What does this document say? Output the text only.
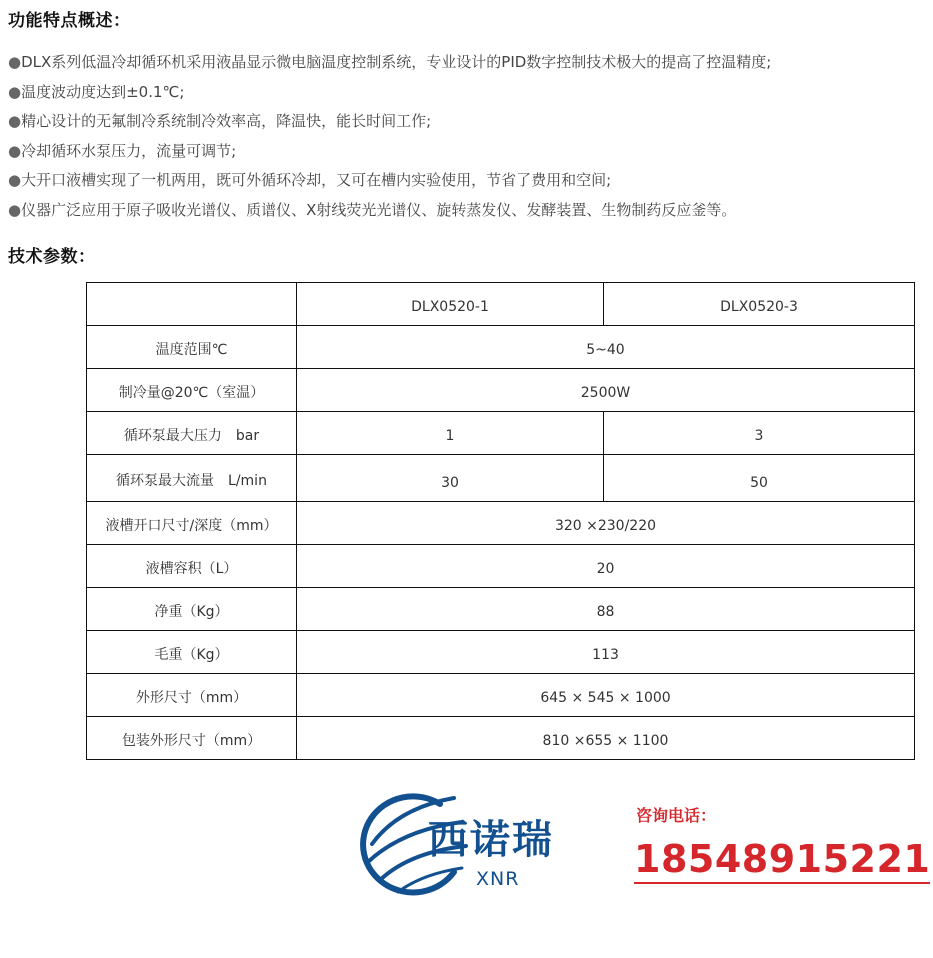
功能特点概述：
●DLX系列低温冷却循环机采用液晶显示微电脑温度控制系统，专业设计的PID数字控制技术极大的提高了控温精度;
●温度波动度达到±0.1℃;
●精心设计的无氟制冷系统制冷效率高，降温快，能长时间工作;
●冷却循环水泵压力，流量可调节;
●大开口液槽实现了一机两用，既可外循环冷却，又可在槽内实验使用，节省了费用和空间;
●仪器广泛应用于原子吸收光谱仪、质谱仪、X射线荧光光谱仪、旋转蒸发仪、发酵装置、生物制药反应釜等。
技术参数：
	DLX0520-1	DLX0520-3
温度范围℃	5~40	
制冷量@20℃（室温）	2500W	
循环泵最大压力　bar	1	3
循环泵最大流量　L/min	30	50
液槽开口尺寸/深度（mm）	320 ×230/220	
液槽容积（L）	20	
净重（Kg）	88	
毛重（Kg）	113	
外形尺寸（mm）	645 × 545 × 1000	
包装外形尺寸（mm）	810 ×655 × 1100	
西诺瑞
XNR
咨询电话：
18548915221
